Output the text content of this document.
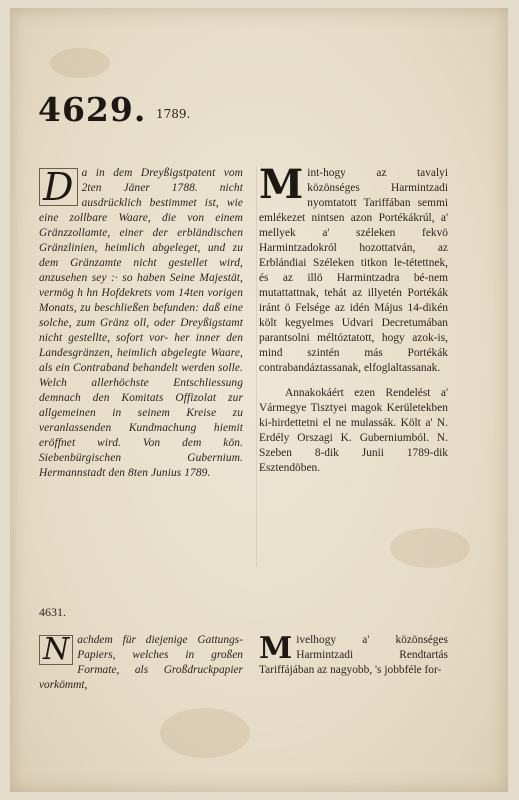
4629. 1789.
D a in dem Dreyßigstpatent vom 2ten Jäner 1788. nicht ausdrücklich bestimmet ist, wie eine zollbare Waare, die von einem Gränzzollamte, einer der erbländischen Gränzlinien, heimlich abgeleget, und zu dem Gränzamte nicht gestellet wird, anzusehen sey :· so haben Seine Majestät, vermög h hn Hofdekrets vom 14ten vorigen Monats, zu beschließen befunden: daß eine solche, zum Gränz oll, oder Dreyßigstamt nicht gestellte, sofort vor- her inner den Landesgränzen, heimlich abgelegte Waare, als ein Contraband behandelt werden solle. Welch allerhöchste Entschliessung demnach den Komitats Offizolat zur allgemeinen in seinem Kreise zu veranlassenden Kundmachung hiemit eröffnet wird. Von dem kön. Siebenbürgischen Gubernium. Hermannstadt den 8ten Junius 1789.

M int-hogy az tavalyi közönséges Harmintzadi nyomtatott Tariffában semmi emlékezet nintsen azon Portékákrúl, a' mellyek a' széleken fekvö Harmintzadokról hozottatván, az Erblándiai Széleken titkon le-tétettnek, és az illö Harmintzadra bé-nem mutattattnak, tehát az illyetén Portékák iránt ö Felsége az idén Május 14-dikén költ kegyelmes Udvari Decretumában parantsolni méltóztatott, hogy azok-is, mind szintén más Portékák contrabandáztassanak, elfoglaltassanak.

Annakokáért ezen Rendelést a' Vármegye Tisztyei magok Kerületekben ki-hirdettetni el ne mulassák. Költ a' N. Erdély Orszagi K. Guberniumból. N. Szeben 8-dik Junii 1789-dik Esztendöben.

4631.
N achdem für diejenige Gattungs- Papiers, welches in großen Formate, als Großdruckpapier vorkömmt,
M ivelhogy a' közönséges Harmintzadi Rendtartás Tariffájában az nagyobb, 's jobbféle for-
